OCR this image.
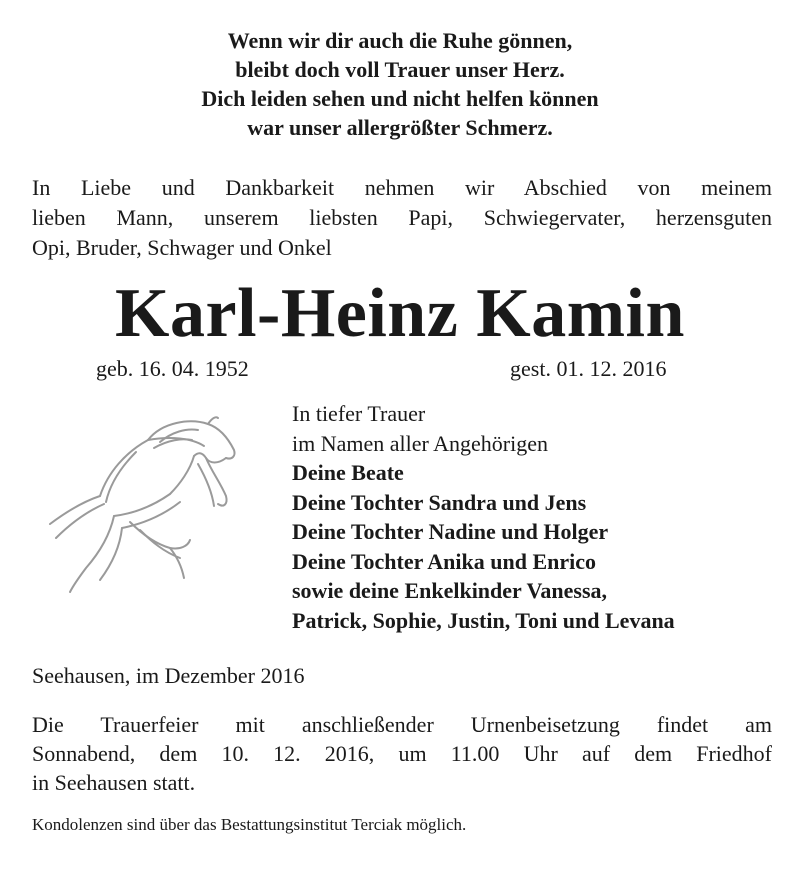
Wenn wir dir auch die Ruhe gönnen,
bleibt doch voll Trauer unser Herz.
Dich leiden sehen und nicht helfen können
war unser allergrößter Schmerz.
In Liebe und Dankbarkeit nehmen wir Abschied von meinem
lieben Mann, unserem liebsten Papi, Schwiegervater, herzensguten
Opi, Bruder, Schwager und Onkel
Karl-Heinz Kamin
geb. 16. 04. 1952	gest. 01. 12. 2016
In tiefer Trauer
im Namen aller Angehörigen
Deine Beate
Deine Tochter Sandra und Jens
Deine Tochter Nadine und Holger
Deine Tochter Anika und Enrico
sowie deine Enkelkinder Vanessa,
Patrick, Sophie, Justin, Toni und Levana
Seehausen, im Dezember 2016
Die Trauerfeier mit anschließender Urnenbeisetzung findet am
Sonnabend, dem 10. 12. 2016, um 11.00 Uhr auf dem Friedhof
in Seehausen statt.
Kondolenzen sind über das Bestattungsinstitut Terciak möglich.
